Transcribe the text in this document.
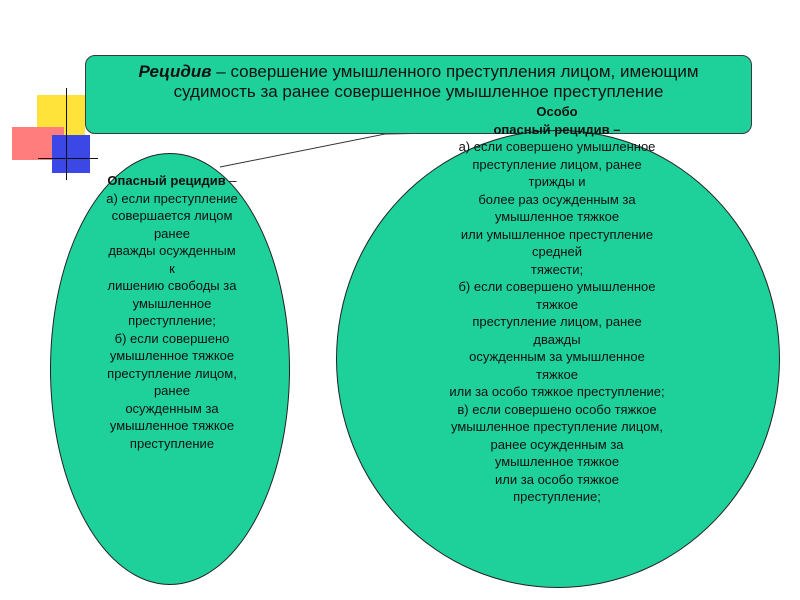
Рецидив – совершение умышленного преступления лицом, имеющим
судимость за ранее совершенное умышленное преступление
Опасный рецидив –
а) если преступление
совершается лицом
ранее
дважды осужденным
к
лишению свободы за
умышленное
преступление;
б) если совершено
умышленное тяжкое
преступление лицом,
ранее
осужденным за
умышленное тяжкое
преступление
Особо
опасный рецидив –
а) если совершено умышленное
преступление лицом, ранее
трижды и
более раз осужденным за
умышленное тяжкое
или умышленное преступление
средней
тяжести;
б) если совершено умышленное
тяжкое
преступление лицом, ранее
дважды
осужденным за умышленное
тяжкое
или за особо тяжкое преступление;
в) если совершено особо тяжкое
умышленное преступление лицом,
ранее осужденным за
умышленное тяжкое
или за особо тяжкое
преступление;
